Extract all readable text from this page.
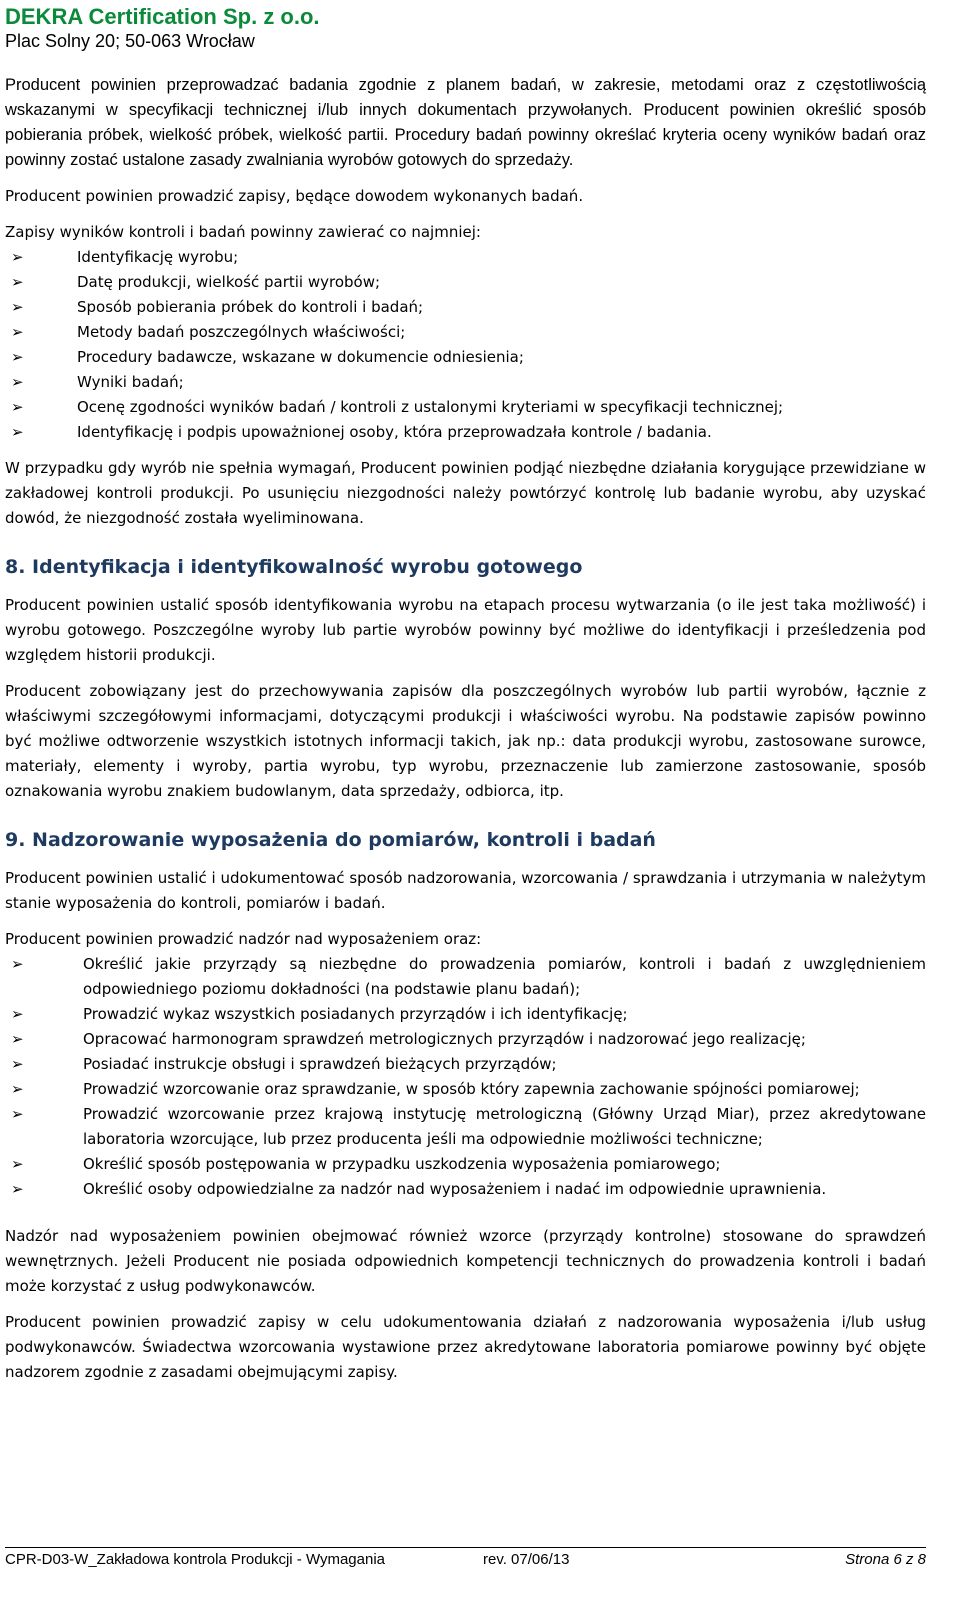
DEKRA Certification Sp. z o.o.
Plac Solny 20; 50-063 Wrocław

Producent powinien przeprowadzać badania zgodnie z planem badań, w zakresie, metodami oraz z częstotliwością wskazanymi w specyfikacji technicznej i/lub innych dokumentach przywołanych. Producent powinien określić sposób pobierania próbek, wielkość próbek, wielkość partii. Procedury badań powinny określać kryteria oceny wyników badań oraz powinny zostać ustalone zasady zwalniania wyrobów gotowych do sprzedaży.

Producent powinien prowadzić zapisy, będące dowodem wykonanych badań.

Zapisy wyników kontroli i badań powinny zawierać co najmniej:

➢	Identyfikację wyrobu;
➢	Datę produkcji, wielkość partii wyrobów;
➢	Sposób pobierania próbek do kontroli i badań;
➢	Metody badań poszczególnych właściwości;
➢	Procedury badawcze, wskazane w dokumencie odniesienia;
➢	Wyniki badań;
➢	Ocenę zgodności wyników badań / kontroli z ustalonymi kryteriami w specyfikacji technicznej;
➢	Identyfikację i podpis upoważnionej osoby, która przeprowadzała kontrole / badania.

W przypadku gdy wyrób nie spełnia wymagań, Producent powinien podjąć niezbędne działania korygujące przewidziane w zakładowej kontroli produkcji. Po usunięciu niezgodności należy powtórzyć kontrolę lub badanie wyrobu, aby uzyskać dowód, że niezgodność została wyeliminowana.

8. Identyfikacja i identyfikowalność wyrobu gotowego

Producent powinien ustalić sposób identyfikowania wyrobu na etapach procesu wytwarzania (o ile jest taka możliwość) i wyrobu gotowego. Poszczególne wyroby lub partie wyrobów powinny być możliwe do identyfikacji i prześledzenia pod względem historii produkcji.

Producent zobowiązany jest do przechowywania zapisów dla poszczególnych wyrobów lub partii wyrobów, łącznie z właściwymi szczegółowymi informacjami, dotyczącymi produkcji i właściwości wyrobu. Na podstawie zapisów powinno być możliwe odtworzenie wszystkich istotnych informacji takich, jak np.: data produkcji wyrobu, zastosowane surowce, materiały, elementy i wyroby, partia wyrobu, typ wyrobu, przeznaczenie lub zamierzone zastosowanie, sposób oznakowania wyrobu znakiem budowlanym, data sprzedaży, odbiorca, itp.

9. Nadzorowanie wyposażenia do pomiarów, kontroli i badań

Producent powinien ustalić i udokumentować sposób nadzorowania, wzorcowania / sprawdzania i utrzymania w należytym stanie wyposażenia do kontroli, pomiarów i badań.

Producent powinien prowadzić nadzór nad wyposażeniem oraz:

➢	Określić jakie przyrządy są niezbędne do prowadzenia pomiarów, kontroli i badań z uwzględnieniem odpowiedniego poziomu dokładności (na podstawie planu badań);
➢	Prowadzić wykaz wszystkich posiadanych przyrządów i ich identyfikację;
➢	Opracować harmonogram sprawdzeń metrologicznych przyrządów i nadzorować jego realizację;
➢	Posiadać instrukcje obsługi i sprawdzeń bieżących przyrządów;
➢	Prowadzić wzorcowanie oraz sprawdzanie, w sposób który zapewnia zachowanie spójności pomiarowej;
➢	Prowadzić wzorcowanie przez krajową instytucję metrologiczną (Główny Urząd Miar), przez akredytowane laboratoria wzorcujące, lub przez producenta jeśli ma odpowiednie możliwości techniczne;
➢	Określić sposób postępowania w przypadku uszkodzenia wyposażenia pomiarowego;
➢	Określić osoby odpowiedzialne za nadzór nad wyposażeniem i nadać im odpowiednie uprawnienia.

Nadzór nad wyposażeniem powinien obejmować również wzorce (przyrządy kontrolne) stosowane do sprawdzeń wewnętrznych. Jeżeli Producent nie posiada odpowiednich kompetencji technicznych do prowadzenia kontroli i badań może korzystać z usług podwykonawców.

Producent powinien prowadzić zapisy w celu udokumentowania działań z nadzorowania wyposażenia i/lub usług podwykonawców. Świadectwa wzorcowania wystawione przez akredytowane laboratoria pomiarowe powinny być objęte nadzorem zgodnie z zasadami obejmującymi zapisy.

CPR-D03-W_Zakładowa kontrola Produkcji - Wymagania	rev. 07/06/13	Strona 6 z 8
